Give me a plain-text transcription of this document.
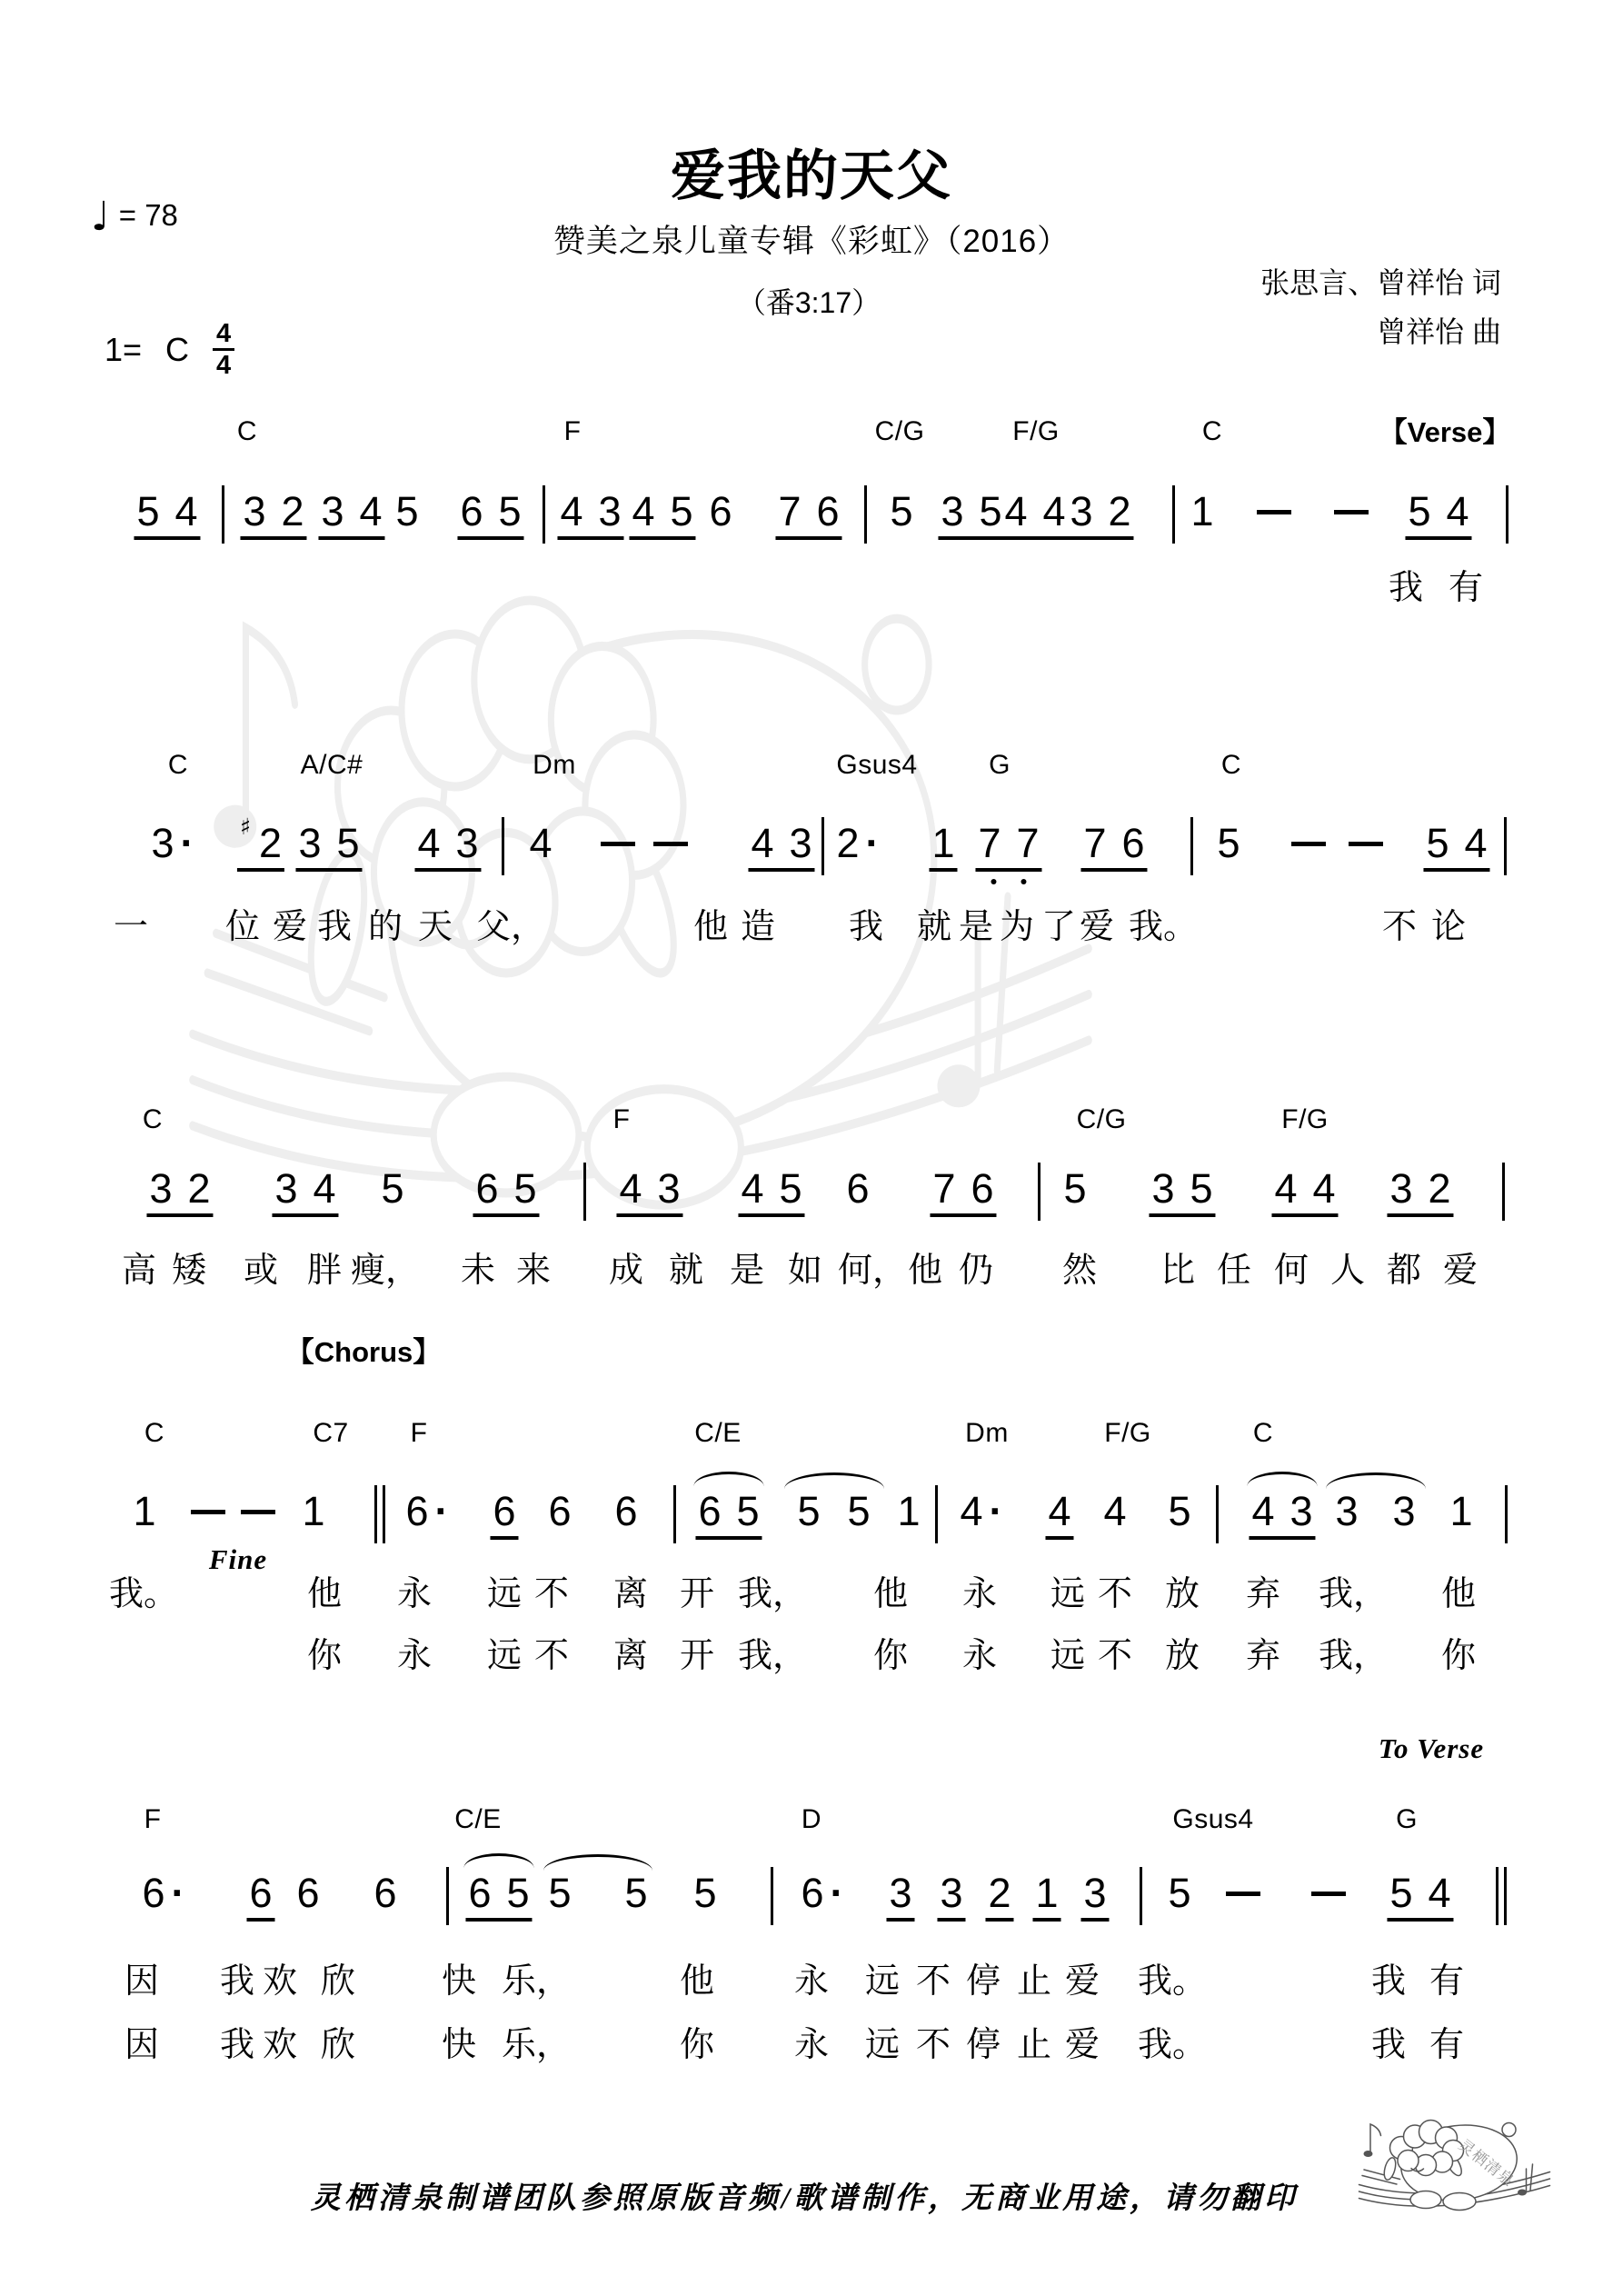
♩ = 78
爱我的天父
赞美之泉儿童专辑《彩虹》（2016）
（番3:17）
张思言、曾祥怡 词
曾祥怡 曲
1= C $\frac{4}{4}$
C	F	C/G	F/G	C	【Verse】
5 4 3 2 3 4 5 6 5 4 3 4 5 6 7 6 5 3 5 4 4 3 2 1	5 4
我 有
C	A/C#	Dm	Gsus4	G	C
3 · ♯ 2 3 5 4 3 4	4 3 2 · 1 7 7 7 6 5	5 4
一 位 爱 我 的 天 父，	他 造 我 就 是 为 了 爱 我。	不 论
C	F	C/G	F/G
【Chorus】
3 2 3 4 5 6 5 4 3 4 5 6 7 6 5 3 5 4 4 3 2
高 矮 或 胖 瘦， 未 来 成 就 是 如 何， 他 仍 然 比 任 何 人 都 爱
C	C7 F	C/E	Dm	F/G	C
Fine
1	1 6 · 6 6 6 6 5 5 5 1 4 · 4 4 5 4 3 3 3 1
我。	他 永 远 不 离 开 我， 他 永 远 不 放 弃 我， 他
你 永 远 不 离 开 我， 你 永 远 不 放 弃 我， 你
F	C/E	D	Gsus4	G
To Verse
6 · 6 6 6 6 5 5 5 5 6 · 3 3 2 1 3 5	5 4
因 我 欢 欣 快 乐，	他 永 远 不 停 止 爱 我。	我 有
因 我 欢 欣 快 乐，	你 永 远 不 停 止 爱 我。	我 有
灵栖清泉制谱团队参照原版音频/歌谱制作，无商业用途，请勿翻印
灵栖清泉
